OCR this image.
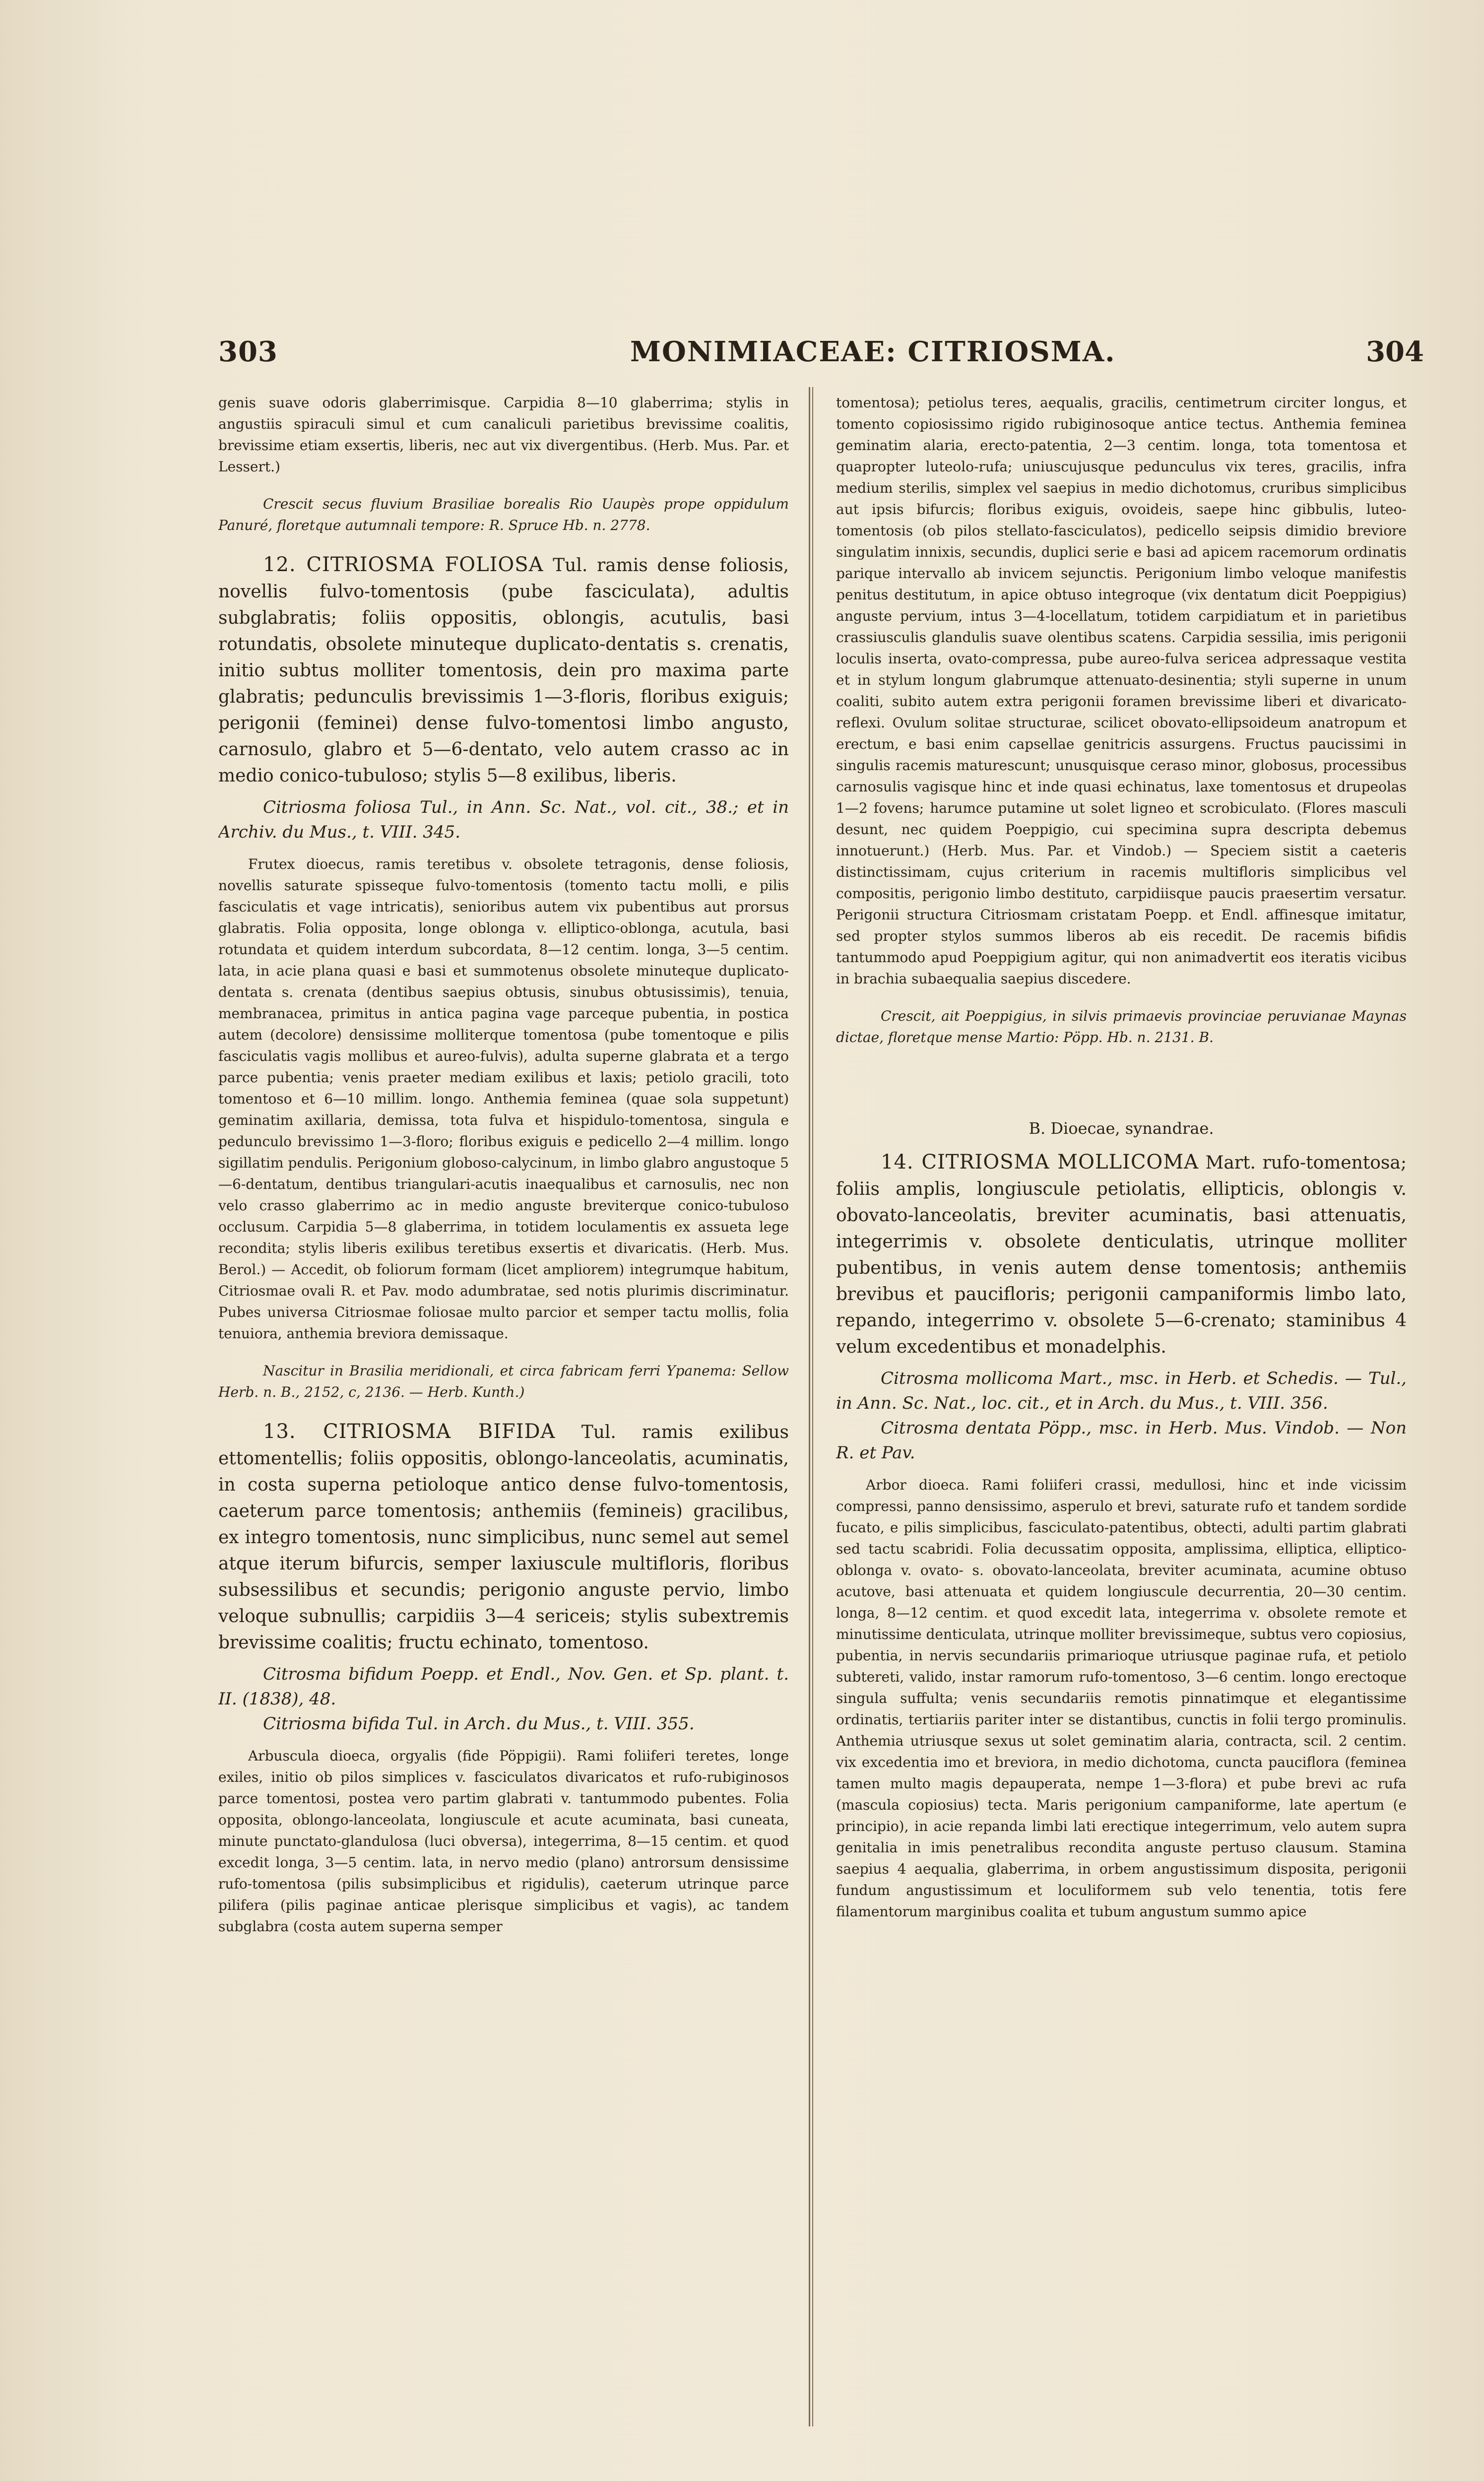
303	MONIMIACEAE: CITRIOSMA.	304

genis suave odoris glaberrimisque. Carpidia 8—10 glaberrima; stylis in angustiis spiraculi simul et cum canaliculi parietibus brevissime coalitis, brevissime etiam exsertis, liberis, nec aut vix divergentibus. (Herb. Mus. Par. et Lessert.)

Crescit secus fluvium Brasiliae borealis Rio Uaupès prope oppidulum Panuré, floretque autumnali tempore: R. Spruce Hb. n. 2778.

12. CITRIOSMA FOLIOSA Tul. ramis dense foliosis, novellis fulvo-tomentosis (pube fasciculata), adultis subglabratis; foliis oppositis, oblongis, acutulis, basi rotundatis, obsolete minuteque duplicato-dentatis s. crenatis, initio subtus molliter tomentosis, dein pro maxima parte glabratis; pedunculis brevissimis 1—3-floris, floribus exiguis; perigonii (feminei) dense fulvo-tomentosi limbo angusto, carnosulo, glabro et 5—6-dentato, velo autem crasso ac in medio conico-tubuloso; stylis 5—8 exilibus, liberis.

Citriosma foliosa Tul., in Ann. Sc. Nat., vol. cit., 38.; et in Archiv. du Mus., t. VIII. 345.

Frutex dioecus, ramis teretibus v. obsolete tetragonis, dense foliosis, novellis saturate spisseque fulvo-tomentosis (tomento tactu molli, e pilis fasciculatis et vage intricatis), senioribus autem vix pubentibus aut prorsus glabratis. Folia opposita, longe oblonga v. elliptico-oblonga, acutula, basi rotundata et quidem interdum subcordata, 8—12 centim. longa, 3—5 centim. lata, in acie plana quasi e basi et summotenus obsolete minuteque duplicato-dentata s. crenata (dentibus saepius obtusis, sinubus obtusissimis), tenuia, membranacea, primitus in antica pagina vage parceque pubentia, in postica autem (decolore) densissime molliterque tomentosa (pube tomentoque e pilis fasciculatis vagis mollibus et aureo-fulvis), adulta superne glabrata et a tergo parce pubentia; venis praeter mediam exilibus et laxis; petiolo gracili, toto tomentoso et 6—10 millim. longo. Anthemia feminea (quae sola suppetunt) geminatim axillaria, demissa, tota fulva et hispidulo-tomentosa, singula e pedunculo brevissimo 1—3-floro; floribus exiguis e pedicello 2—4 millim. longo sigillatim pendulis. Perigonium globoso-calycinum, in limbo glabro angustoque 5—6-dentatum, dentibus triangulari-acutis inaequalibus et carnosulis, nec non velo crasso glaberrimo ac in medio anguste breviterque conico-tubuloso occlusum. Carpidia 5—8 glaberrima, in totidem loculamentis ex assueta lege recondita; stylis liberis exilibus teretibus exsertis et divaricatis. (Herb. Mus. Berol.) — Accedit, ob foliorum formam (licet ampliorem) integrumque habitum, Citriosmae ovali R. et Pav. modo adumbratae, sed notis plurimis discriminatur. Pubes universa Citriosmae foliosae multo parcior et semper tactu mollis, folia tenuiora, anthemia breviora demissaque.

Nascitur in Brasilia meridionali, et circa fabricam ferri Ypanema: Sellow Herb. n. B., 2152, c, 2136. — Herb. Kunth.)

13. CITRIOSMA BIFIDA Tul. ramis exilibus ettomentellis; foliis oppositis, oblongo-lanceolatis, acuminatis, in costa superna petioloque antico dense fulvo-tomentosis, caeterum parce tomentosis; anthemiis (femineis) gracilibus, ex integro tomentosis, nunc simplicibus, nunc semel aut semel atque iterum bifurcis, semper laxiuscule multifloris, floribus subsessilibus et secundis; perigonio anguste pervio, limbo veloque subnullis; carpidiis 3—4 sericeis; stylis subextremis brevissime coalitis; fructu echinato, tomentoso.

Citrosma bifidum Poepp. et Endl., Nov. Gen. et Sp. plant. t. II. (1838), 48.

Citriosma bifida Tul. in Arch. du Mus., t. VIII. 355.

Arbuscula dioeca, orgyalis (fide Pöppigii). Rami foliiferi teretes, longe exiles, initio ob pilos simplices v. fasciculatos divaricatos et rufo-rubiginosos parce tomentosi, postea vero partim glabrati v. tantummodo pubentes. Folia opposita, oblongo-lanceolata, longiuscule et acute acuminata, basi cuneata, minute punctato-glandulosa (luci obversa), integerrima, 8—15 centim. et quod excedit longa, 3—5 centim. lata, in nervo medio (plano) antrorsum densissime rufo-tomentosa (pilis subsimplicibus et rigidulis), caeterum utrinque parce pilifera (pilis paginae anticae plerisque simplicibus et vagis), ac tandem subglabra (costa autem superna semper

tomentosa); petiolus teres, aequalis, gracilis, centimetrum circiter longus, et tomento copiosissimo rigido rubiginosoque antice tectus. Anthemia feminea geminatim alaria, erecto-patentia, 2—3 centim. longa, tota tomentosa et quapropter luteolo-rufa; uniuscujusque pedunculus vix teres, gracilis, infra medium sterilis, simplex vel saepius in medio dichotomus, cruribus simplicibus aut ipsis bifurcis; floribus exiguis, ovoideis, saepe hinc gibbulis, luteo-tomentosis (ob pilos stellato-fasciculatos), pedicello seipsis dimidio breviore singulatim innixis, secundis, duplici serie e basi ad apicem racemorum ordinatis parique intervallo ab invicem sejunctis. Perigonium limbo veloque manifestis penitus destitutum, in apice obtuso integroque (vix dentatum dicit Poeppigius) anguste pervium, intus 3—4-locellatum, totidem carpidiatum et in parietibus crassiusculis glandulis suave olentibus scatens. Carpidia sessilia, imis perigonii loculis inserta, ovato-compressa, pube aureo-fulva sericea adpressaque vestita et in stylum longum glabrumque attenuato-desinentia; styli superne in unum coaliti, subito autem extra perigonii foramen brevissime liberi et divaricato-reflexi. Ovulum solitae structurae, scilicet obovato-ellipsoideum anatropum et erectum, e basi enim capsellae genitricis assurgens. Fructus paucissimi in singulis racemis maturescunt; unusquisque ceraso minor, globosus, processibus carnosulis vagisque hinc et inde quasi echinatus, laxe tomentosus et drupeolas 1—2 fovens; harumce putamine ut solet ligneo et scrobiculato. (Flores masculi desunt, nec quidem Poeppigio, cui specimina supra descripta debemus innotuerunt.) (Herb. Mus. Par. et Vindob.) — Speciem sistit a caeteris distinctissimam, cujus criterium in racemis multifloris simplicibus vel compositis, perigonio limbo destituto, carpidiisque paucis praesertim versatur. Perigonii structura Citriosmam cristatam Poepp. et Endl. affinesque imitatur, sed propter stylos summos liberos ab eis recedit. De racemis bifidis tantummodo apud Poeppigium agitur, qui non animadvertit eos iteratis vicibus in brachia subaequalia saepius discedere.

Crescit, ait Poeppigius, in silvis primaevis provinciae peruvianae Maynas dictae, floretque mense Martio: Pöpp. Hb. n. 2131. B.

B. Dioecae, synandrae.

14. CITRIOSMA MOLLICOMA Mart. rufo-tomentosa; foliis amplis, longiuscule petiolatis, ellipticis, oblongis v. obovato-lanceolatis, breviter acuminatis, basi attenuatis, integerrimis v. obsolete denticulatis, utrinque molliter pubentibus, in venis autem dense tomentosis; anthemiis brevibus et paucifloris; perigonii campaniformis limbo lato, repando, integerrimo v. obsolete 5—6-crenato; staminibus 4 velum excedentibus et monadelphis.

Citrosma mollicoma Mart., msc. in Herb. et Schedis. — Tul., in Ann. Sc. Nat., loc. cit., et in Arch. du Mus., t. VIII. 356.

Citrosma dentata Pöpp., msc. in Herb. Mus. Vindob. — Non R. et Pav.

Arbor dioeca. Rami foliiferi crassi, medullosi, hinc et inde vicissim compressi, panno densissimo, asperulo et brevi, saturate rufo et tandem sordide fucato, e pilis simplicibus, fasciculato-patentibus, obtecti, adulti partim glabrati sed tactu scabridi. Folia decussatim opposita, amplissima, elliptica, elliptico-oblonga v. ovato- s. obovato-lanceolata, breviter acuminata, acumine obtuso acutove, basi attenuata et quidem longiuscule decurrentia, 20—30 centim. longa, 8—12 centim. et quod excedit lata, integerrima v. obsolete remote et minutissime denticulata, utrinque molliter brevissimeque, subtus vero copiosius, pubentia, in nervis secundariis primarioque utriusque paginae rufa, et petiolo subtereti, valido, instar ramorum rufo-tomentoso, 3—6 centim. longo erectoque singula suffulta; venis secundariis remotis pinnatimque et elegantissime ordinatis, tertiariis pariter inter se distantibus, cunctis in folii tergo prominulis. Anthemia utriusque sexus ut solet geminatim alaria, contracta, scil. 2 centim. vix excedentia imo et breviora, in medio dichotoma, cuncta pauciflora (feminea tamen multo magis depauperata, nempe 1—3-flora) et pube brevi ac rufa (mascula copiosius) tecta. Maris perigonium campaniforme, late apertum (e principio), in acie repanda limbi lati erectique integerrimum, velo autem supra genitalia in imis penetralibus recondita anguste pertuso clausum. Stamina saepius 4 aequalia, glaberrima, in orbem angustissimum disposita, perigonii fundum angustissimum et loculiformem sub velo tenentia, totis fere filamentorum marginibus coalita et tubum angustum summo apice
